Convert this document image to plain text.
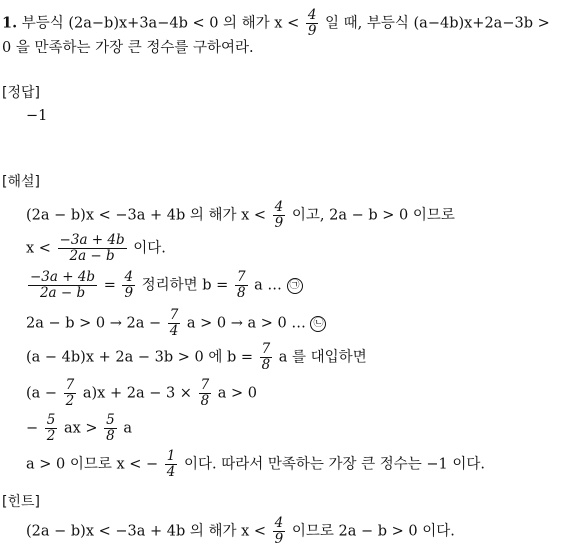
1. 부등식 (2a−b)x+3a−4b < 0 의 해가 $x < \frac{4}{9}$ 일 때, 부등식 (a−4b)x+2a−3b >
0 을 만족하는 가장 큰 정수를 구하여라.
[정답]
−1
[해설]
(2a − b)x < −3a + 4b 의 해가 $x < \frac{4}{9}$ 이고, 2a − b > 0 이므로
$x < \frac{-3a + 4b}{2a - b}$ 이다.
$\frac{-3a + 4b}{2a - b} = \frac{4}{9}$ 정리하면 $b = \frac{7}{8}$ a … ㉠
$2a - b > 0 \to 2a - \frac{7}{4}$ a > 0 → a > 0 … ㉡
(a − 4b)x + 2a − 3b > 0 에 $b = \frac{7}{8}$ a 를 대입하면
$(a - \frac{7}{2} a)x + 2a - 3 \times \frac{7}{8}$ a > 0
− $\frac{5}{2}$ ax > $\frac{5}{8}$ a
a > 0 이므로 x < − $\frac{1}{4}$ 이다. 따라서 만족하는 가장 큰 정수는 −1 이다.
[힌트]
(2a − b)x < −3a + 4b 의 해가 $x < \frac{4}{9}$ 이므로 2a − b > 0 이다.
